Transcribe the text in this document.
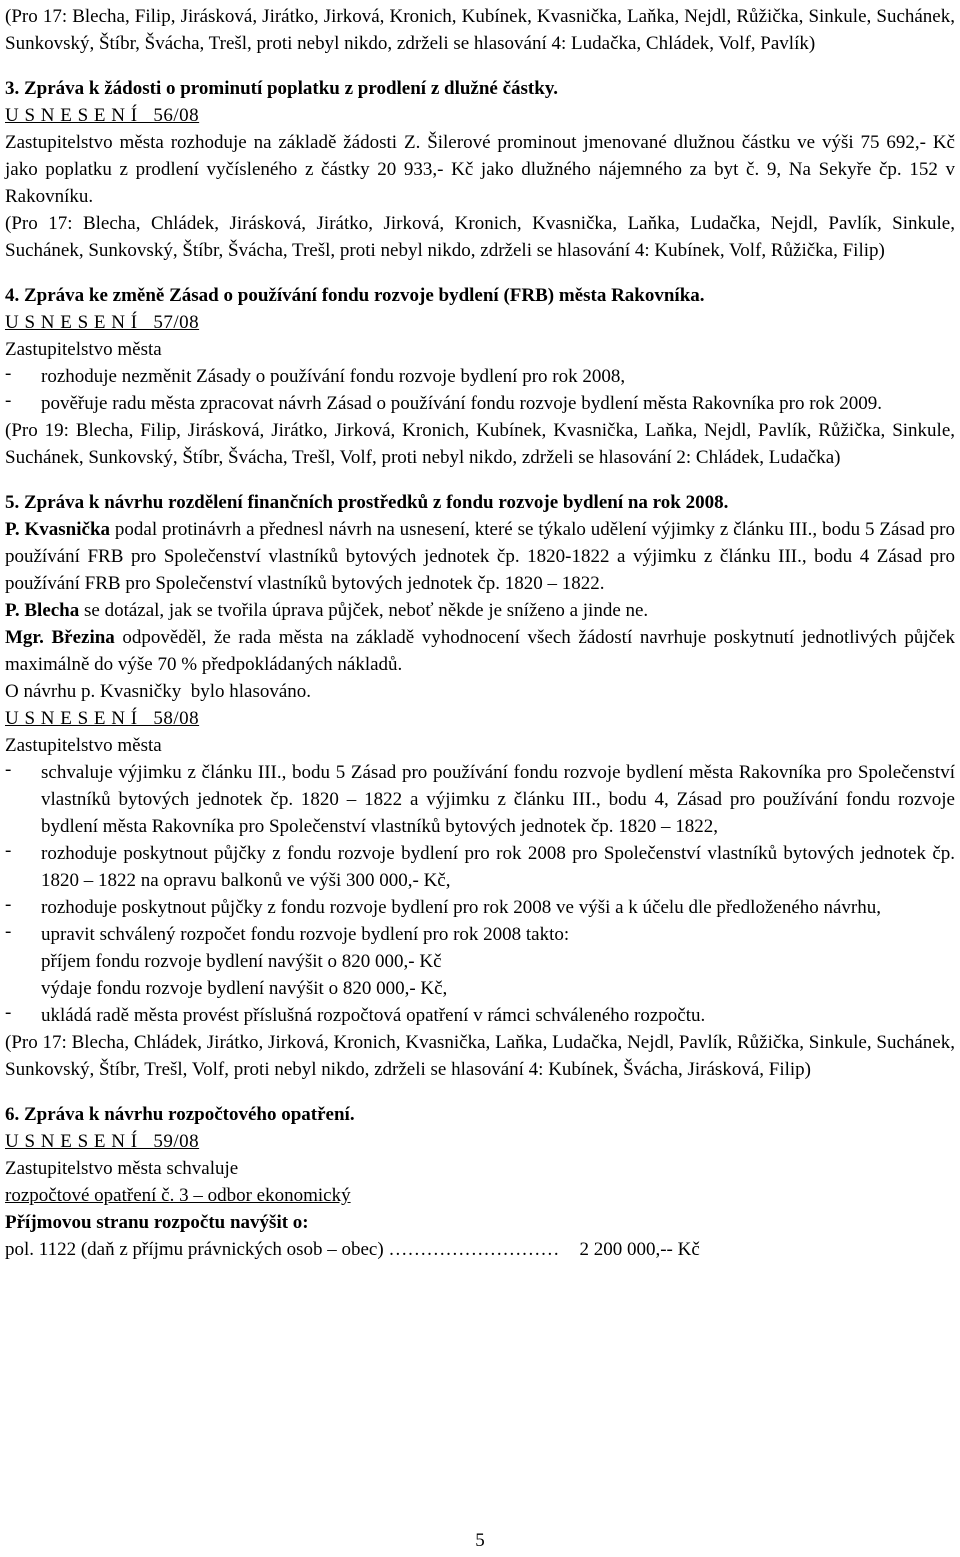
(Pro 17: Blecha, Filip, Jirásková, Jirátko, Jirková, Kronich, Kubínek, Kvasnička, Laňka, Nejdl, Růžička, Sinkule, Suchánek, Sunkovský, Štíbr, Švácha, Trešl, proti nebyl nikdo, zdrželi se hlasování 4: Ludačka, Chládek, Volf, Pavlík)

3. Zpráva k žádosti o prominutí poplatku z prodlení z dlužné částky.

U S N E S E N Í   56/08

Zastupitelstvo města rozhoduje na základě žádosti Z. Šilerové prominout jmenované dlužnou částku ve výši 75 692,- Kč jako poplatku z prodlení vyčísleného z částky 20 933,- Kč jako dlužného nájemného za byt č. 9, Na Sekyře čp. 152 v Rakovníku.

(Pro 17: Blecha, Chládek, Jirásková, Jirátko, Jirková, Kronich, Kvasnička, Laňka, Ludačka, Nejdl, Pavlík, Sinkule, Suchánek, Sunkovský, Štíbr, Švácha, Trešl, proti nebyl nikdo, zdrželi se hlasování 4: Kubínek, Volf, Růžička, Filip)

4. Zpráva ke změně Zásad o používání fondu rozvoje bydlení (FRB) města Rakovníka.

U S N E S E N Í   57/08

Zastupitelstvo města

-	rozhoduje nezměnit Zásady o používání fondu rozvoje bydlení pro rok 2008,
-	pověřuje radu města zpracovat návrh Zásad o používání fondu rozvoje bydlení města Rakovníka pro rok 2009.

(Pro 19: Blecha, Filip, Jirásková, Jirátko, Jirková, Kronich, Kubínek, Kvasnička, Laňka, Nejdl, Pavlík, Růžička, Sinkule, Suchánek, Sunkovský, Štíbr, Švácha, Trešl, Volf, proti nebyl nikdo, zdrželi se hlasování 2: Chládek, Ludačka)

5. Zpráva k návrhu rozdělení finančních prostředků z fondu rozvoje bydlení na rok 2008.

P. Kvasnička podal protinávrh a přednesl návrh na usnesení, které se týkalo udělení výjimky z článku III., bodu 5 Zásad pro používání FRB pro Společenství vlastníků bytových jednotek čp. 1820-1822 a výjimku z článku III., bodu 4 Zásad pro používání FRB pro Společenství vlastníků bytových jednotek čp. 1820 – 1822.

P. Blecha se dotázal, jak se tvořila úprava půjček, neboť někde je sníženo a jinde ne.

Mgr. Březina odpověděl, že rada města na základě vyhodnocení všech žádostí navrhuje poskytnutí jednotlivých půjček maximálně do výše 70 % předpokládaných nákladů.

O návrhu p. Kvasničky  bylo hlasováno.

U S N E S E N Í   58/08

Zastupitelstvo města

-	schvaluje výjimku z článku III., bodu 5 Zásad pro používání fondu rozvoje bydlení města Rakovníka pro Společenství vlastníků bytových jednotek čp. 1820 – 1822 a výjimku z článku III., bodu 4, Zásad pro používání fondu rozvoje bydlení města Rakovníka pro Společenství vlastníků bytových jednotek čp. 1820 – 1822,
-	rozhoduje poskytnout půjčky z fondu rozvoje bydlení pro rok 2008 pro Společenství vlastníků bytových jednotek čp. 1820 – 1822 na opravu balkonů ve výši 300 000,- Kč,
-	rozhoduje poskytnout půjčky z fondu rozvoje bydlení pro rok 2008 ve výši a k účelu dle předloženého návrhu,
-	upravit schválený rozpočet fondu rozvoje bydlení pro rok 2008 takto:

příjem fondu rozvoje bydlení navýšit o 820 000,- Kč

výdaje fondu rozvoje bydlení navýšit o 820 000,- Kč,

-	ukládá radě města provést příslušná rozpočtová opatření v rámci schváleného rozpočtu.

(Pro 17: Blecha, Chládek, Jirátko, Jirková, Kronich, Kvasnička, Laňka, Ludačka, Nejdl, Pavlík, Růžička, Sinkule, Suchánek, Sunkovský, Štíbr, Trešl, Volf, proti nebyl nikdo, zdrželi se hlasování 4: Kubínek, Švácha, Jirásková, Filip)

6. Zpráva k návrhu rozpočtového opatření.

U S N E S E N Í   59/08

Zastupitelstvo města schvaluje

rozpočtové opatření č. 3 – odbor ekonomický

Příjmovou stranu rozpočtu navýšit o:

pol. 1122 (daň z příjmu právnických osob – obec) ……………………… 2 200 000,-- Kč
5
